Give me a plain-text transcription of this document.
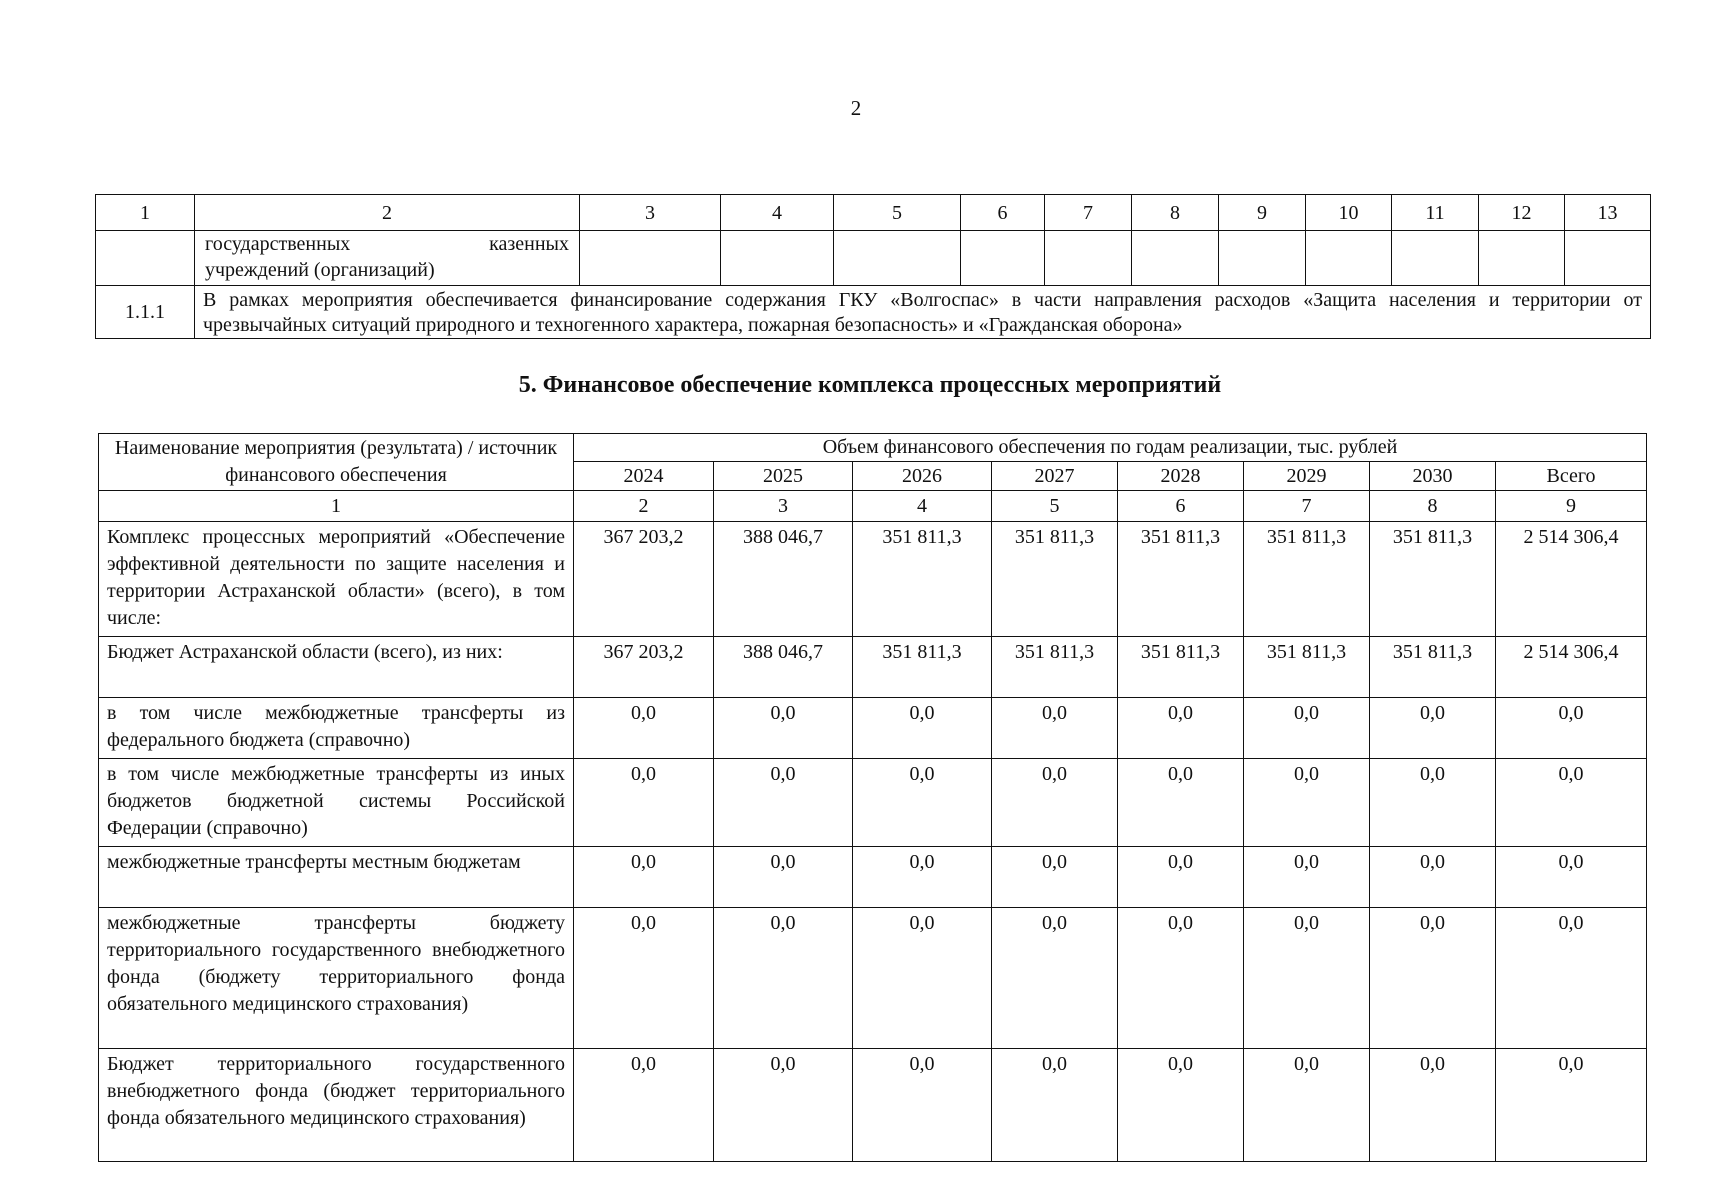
2
1	2	3	4	5	6	7	8	9	10	11	12	13

	государственных казенных
учреждений (организаций)											

1.1.1	В рамках мероприятия обеспечивается финансирование содержания ГКУ «Волгоспас» в части направления расходов «Защита населения и территории от чрезвычайных ситуаций природного и техногенного характера, пожарная безопасность» и «Гражданская оборона»											
5. Финансовое обеспечение комплекса процессных мероприятий
Наименование мероприятия (результата) / источник финансового обеспечения	Объем финансового обеспечения по годам реализации, тыс. рублей							
	2024	2025	2026	2027	2028	2029	2030	Всего
1	2	3	4	5	6	7	8	9
Комплекс процессных мероприятий «Обеспечение эффективной деятельности по защите населения и территории Астраханской области» (всего), в том числе:	367 203,2	388 046,7	351 811,3	351 811,3	351 811,3	351 811,3	351 811,3	2 514 306,4
Бюджет Астраханской области (всего), из них:	367 203,2	388 046,7	351 811,3	351 811,3	351 811,3	351 811,3	351 811,3	2 514 306,4
в том числе межбюджетные трансферты из федерального бюджета (справочно)	0,0	0,0	0,0	0,0	0,0	0,0	0,0	0,0
в том числе межбюджетные трансферты из иных бюджетов бюджетной системы Российской Федерации (справочно)	0,0	0,0	0,0	0,0	0,0	0,0	0,0	0,0
межбюджетные трансферты местным бюджетам	0,0	0,0	0,0	0,0	0,0	0,0	0,0	0,0
межбюджетные трансферты бюджету территориального государственного внебюджетного фонда (бюджету территориального фонда обязательного медицинского страхования)	0,0	0,0	0,0	0,0	0,0	0,0	0,0	0,0
Бюджет территориального государственного внебюджетного фонда (бюджет территориального фонда обязательного медицинского страхования)	0,0	0,0	0,0	0,0	0,0	0,0	0,0	0,0
